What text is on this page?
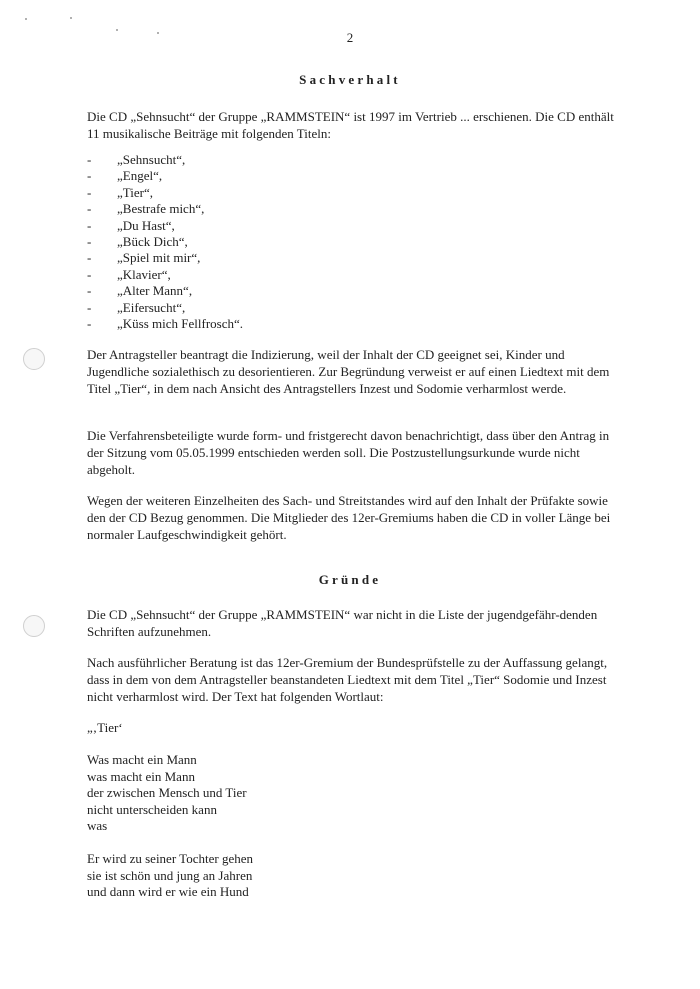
2
Sachverhalt
Die CD „Sehnsucht“ der Gruppe „RAMMSTEIN“ ist 1997 im Vertrieb ... erschienen. Die CD enthält 11 musikalische Beiträge mit folgenden Titeln:
- „Sehnsucht“,
- „Engel“,
- „Tier“,
- „Bestrafe mich“,
- „Du Hast“,
- „Bück Dich“,
- „Spiel mit mir“,
- „Klavier“,
- „Alter Mann“,
- „Eifersucht“,
- „Küss mich Fellfrosch“.
Der Antragsteller beantragt die Indizierung, weil der Inhalt der CD geeignet sei, Kinder und Jugendliche sozialethisch zu desorientieren. Zur Begründung verweist er auf einen Liedtext mit dem Titel „Tier“, in dem nach Ansicht des Antragstellers Inzest und Sodomie verharmlost werde.
Die Verfahrensbeteiligte wurde form- und fristgerecht davon benachrichtigt, dass über den Antrag in der Sitzung vom 05.05.1999 entschieden werden soll. Die Postzustellungsurkunde wurde nicht abgeholt.
Wegen der weiteren Einzelheiten des Sach- und Streitstandes wird auf den Inhalt der Prüfakte sowie den der CD Bezug genommen. Die Mitglieder des 12er-Gremiums haben die CD in voller Länge bei normaler Laufgeschwindigkeit gehört.
Gründe
Die CD „Sehnsucht“ der Gruppe „RAMMSTEIN“ war nicht in die Liste der jugendgefähr-denden Schriften aufzunehmen.
Nach ausführlicher Beratung ist das 12er-Gremium der Bundesprüfstelle zu der Auffassung gelangt, dass in dem von dem Antragsteller beanstandeten Liedtext mit dem Titel „Tier“ Sodomie und Inzest nicht verharmlost wird. Der Text hat folgenden Wortlaut:
„‚Tier‘
Was macht ein Mann
was macht ein Mann
der zwischen Mensch und Tier
nicht unterscheiden kann
was
Er wird zu seiner Tochter gehen
sie ist schön und jung an Jahren
und dann wird er wie ein Hund
